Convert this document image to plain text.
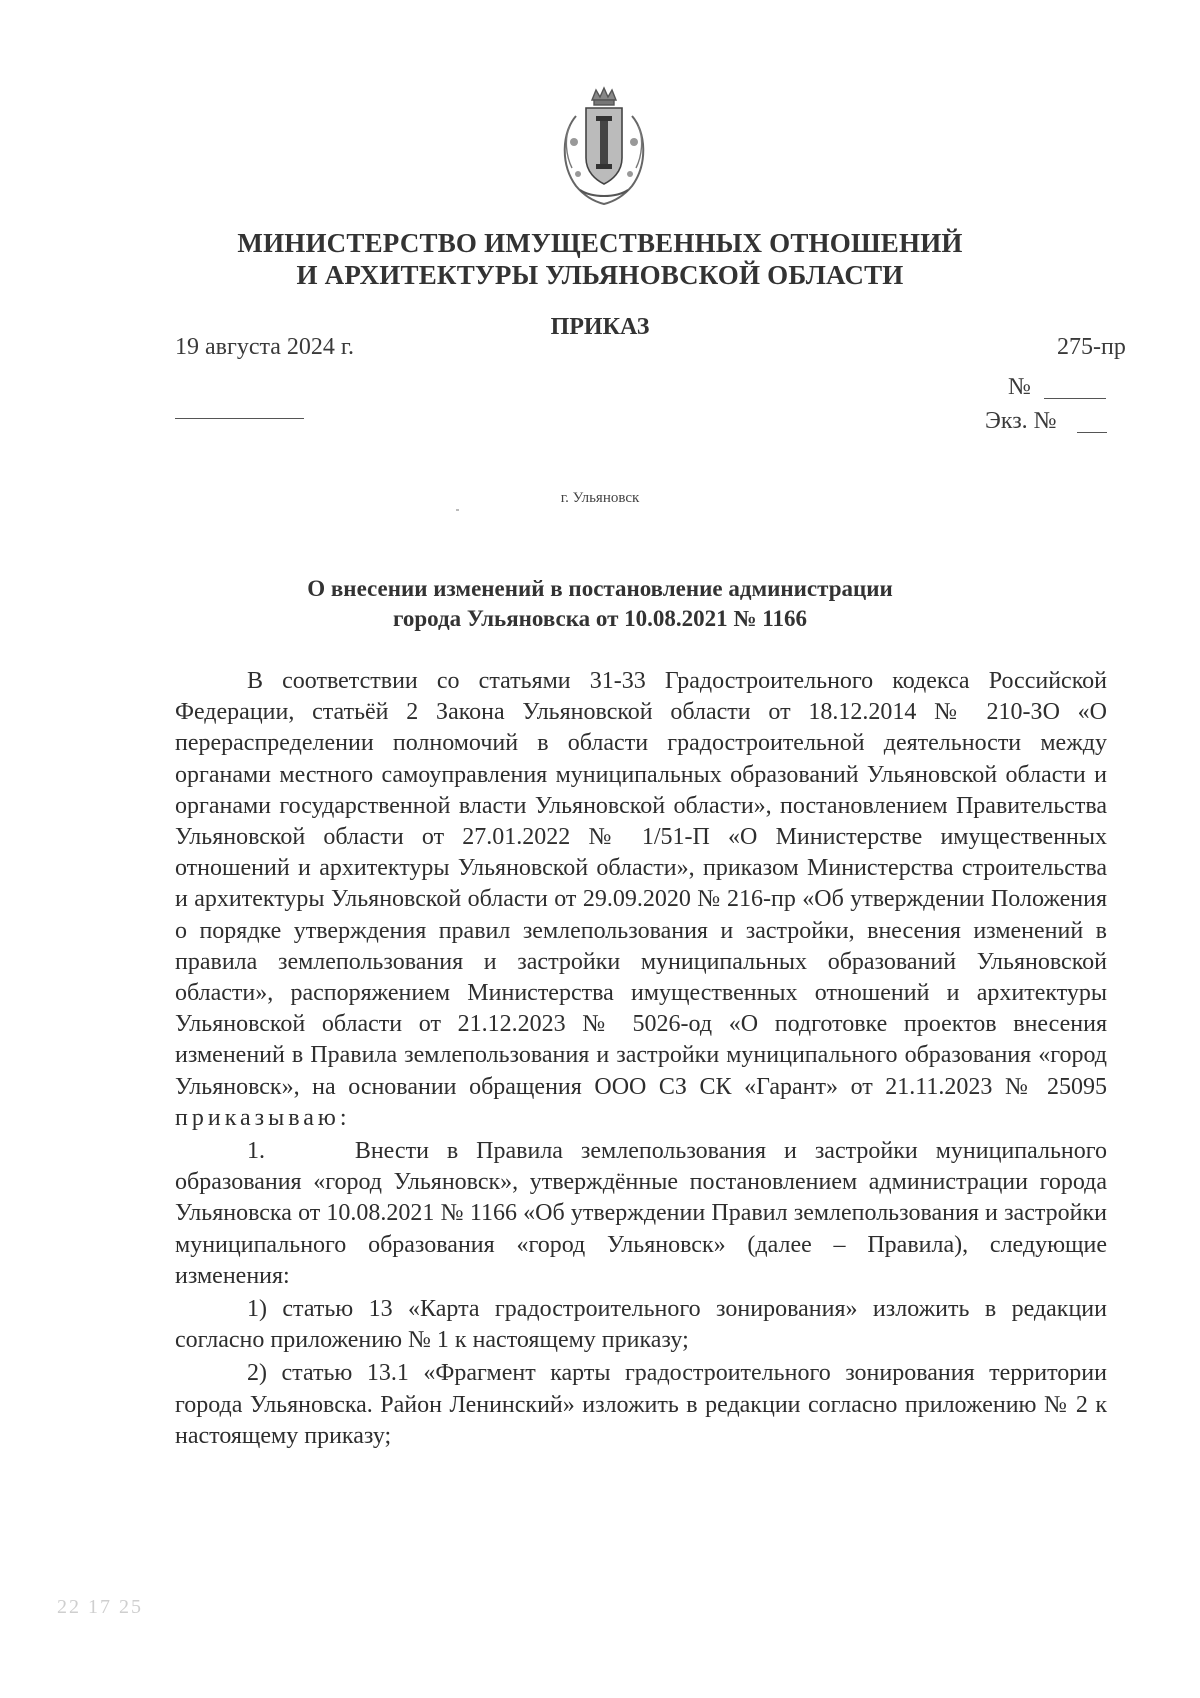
МИНИСТЕРСТВО ИМУЩЕСТВЕННЫХ ОТНОШЕНИЙ
И АРХИТЕКТУРЫ УЛЬЯНОВСКОЙ ОБЛАСТИ
ПРИКАЗ
19 августа 2024 г.	275-пр
№
Экз. №
г. Ульяновск
О внесении изменений в постановление администрации
города Ульяновска от 10.08.2021 № 1166

В соответствии со статьями 31-33 Градостроительного кодекса Российской Федерации, статьёй 2 Закона Ульяновской области от 18.12.2014 № 210-ЗО «О перераспределении полномочий в области градостроительной деятельности между органами местного самоуправления муниципальных образований Ульяновской области и органами государственной власти Ульяновской области», постановлением Правительства Ульяновской области от 27.01.2022 № 1/51-П «О Министерстве имущественных отношений и архитектуры Ульяновской области», приказом Министерства строительства и архитектуры Ульяновской области от 29.09.2020 № 216-пр «Об утверждении Положения о порядке утверждения правил землепользования и застройки, внесения изменений в правила землепользования и застройки муниципальных образований Ульяновской области», распоряжением Министерства имущественных отношений и архитектуры Ульяновской области от 21.12.2023 № 5026-од «О подготовке проектов внесения изменений в Правила землепользования и застройки муниципального образования «город Ульяновск», на основании обращения ООО СЗ СК «Гарант» от 21.11.2023 № 25095 приказываю:

1.     Внести в Правила землепользования и застройки муниципального образования «город Ульяновск», утверждённые постановлением администрации города Ульяновска от 10.08.2021 № 1166 «Об утверждении Правил землепользования и застройки муниципального образования «город Ульяновск» (далее – Правила), следующие изменения:

1) статью 13 «Карта градостроительного зонирования» изложить в редакции согласно приложению № 1 к настоящему приказу;

2) статью 13.1 «Фрагмент карты градостроительного зонирования территории города Ульяновска. Район Ленинский» изложить в редакции согласно приложению № 2 к настоящему приказу;

22 17 25
